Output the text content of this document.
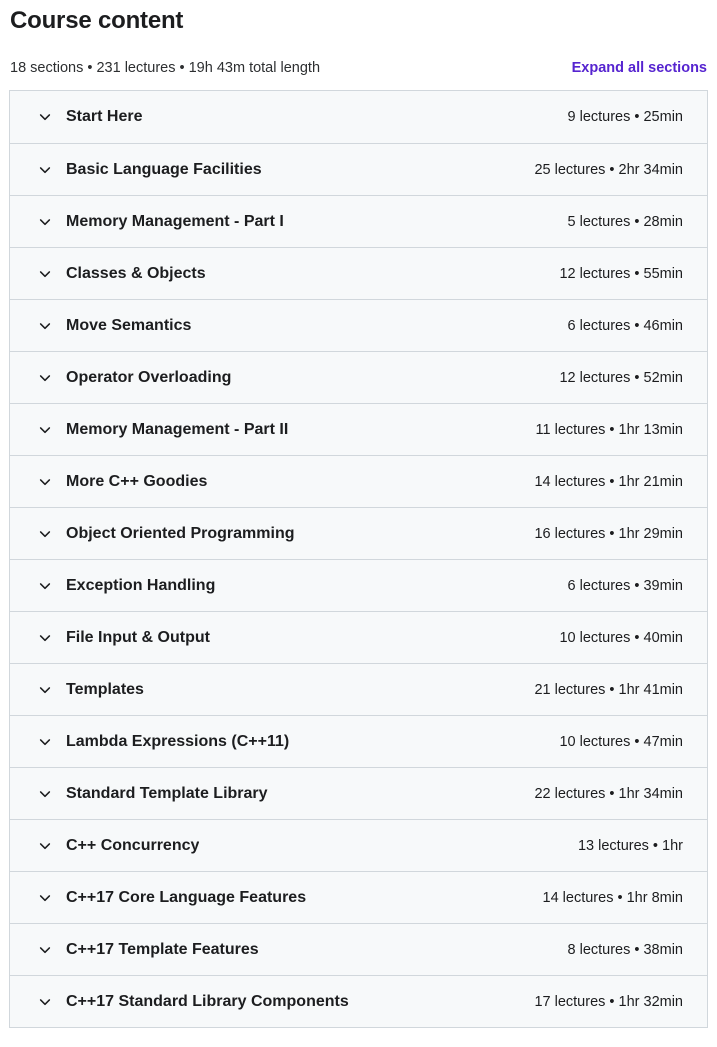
Course content
18 sections • 231 lectures • 19h 43m total length	Expand all sections
Start Here	9 lectures • 25min
Basic Language Facilities	25 lectures • 2hr 34min
Memory Management - Part I	5 lectures • 28min
Classes & Objects	12 lectures • 55min
Move Semantics	6 lectures • 46min
Operator Overloading	12 lectures • 52min
Memory Management - Part II	11 lectures • 1hr 13min
More C++ Goodies	14 lectures • 1hr 21min
Object Oriented Programming	16 lectures • 1hr 29min
Exception Handling	6 lectures • 39min
File Input & Output	10 lectures • 40min
Templates	21 lectures • 1hr 41min
Lambda Expressions (C++11)	10 lectures • 47min
Standard Template Library	22 lectures • 1hr 34min
C++ Concurrency	13 lectures • 1hr
C++17 Core Language Features	14 lectures • 1hr 8min
C++17 Template Features	8 lectures • 38min
C++17 Standard Library Components	17 lectures • 1hr 32min
